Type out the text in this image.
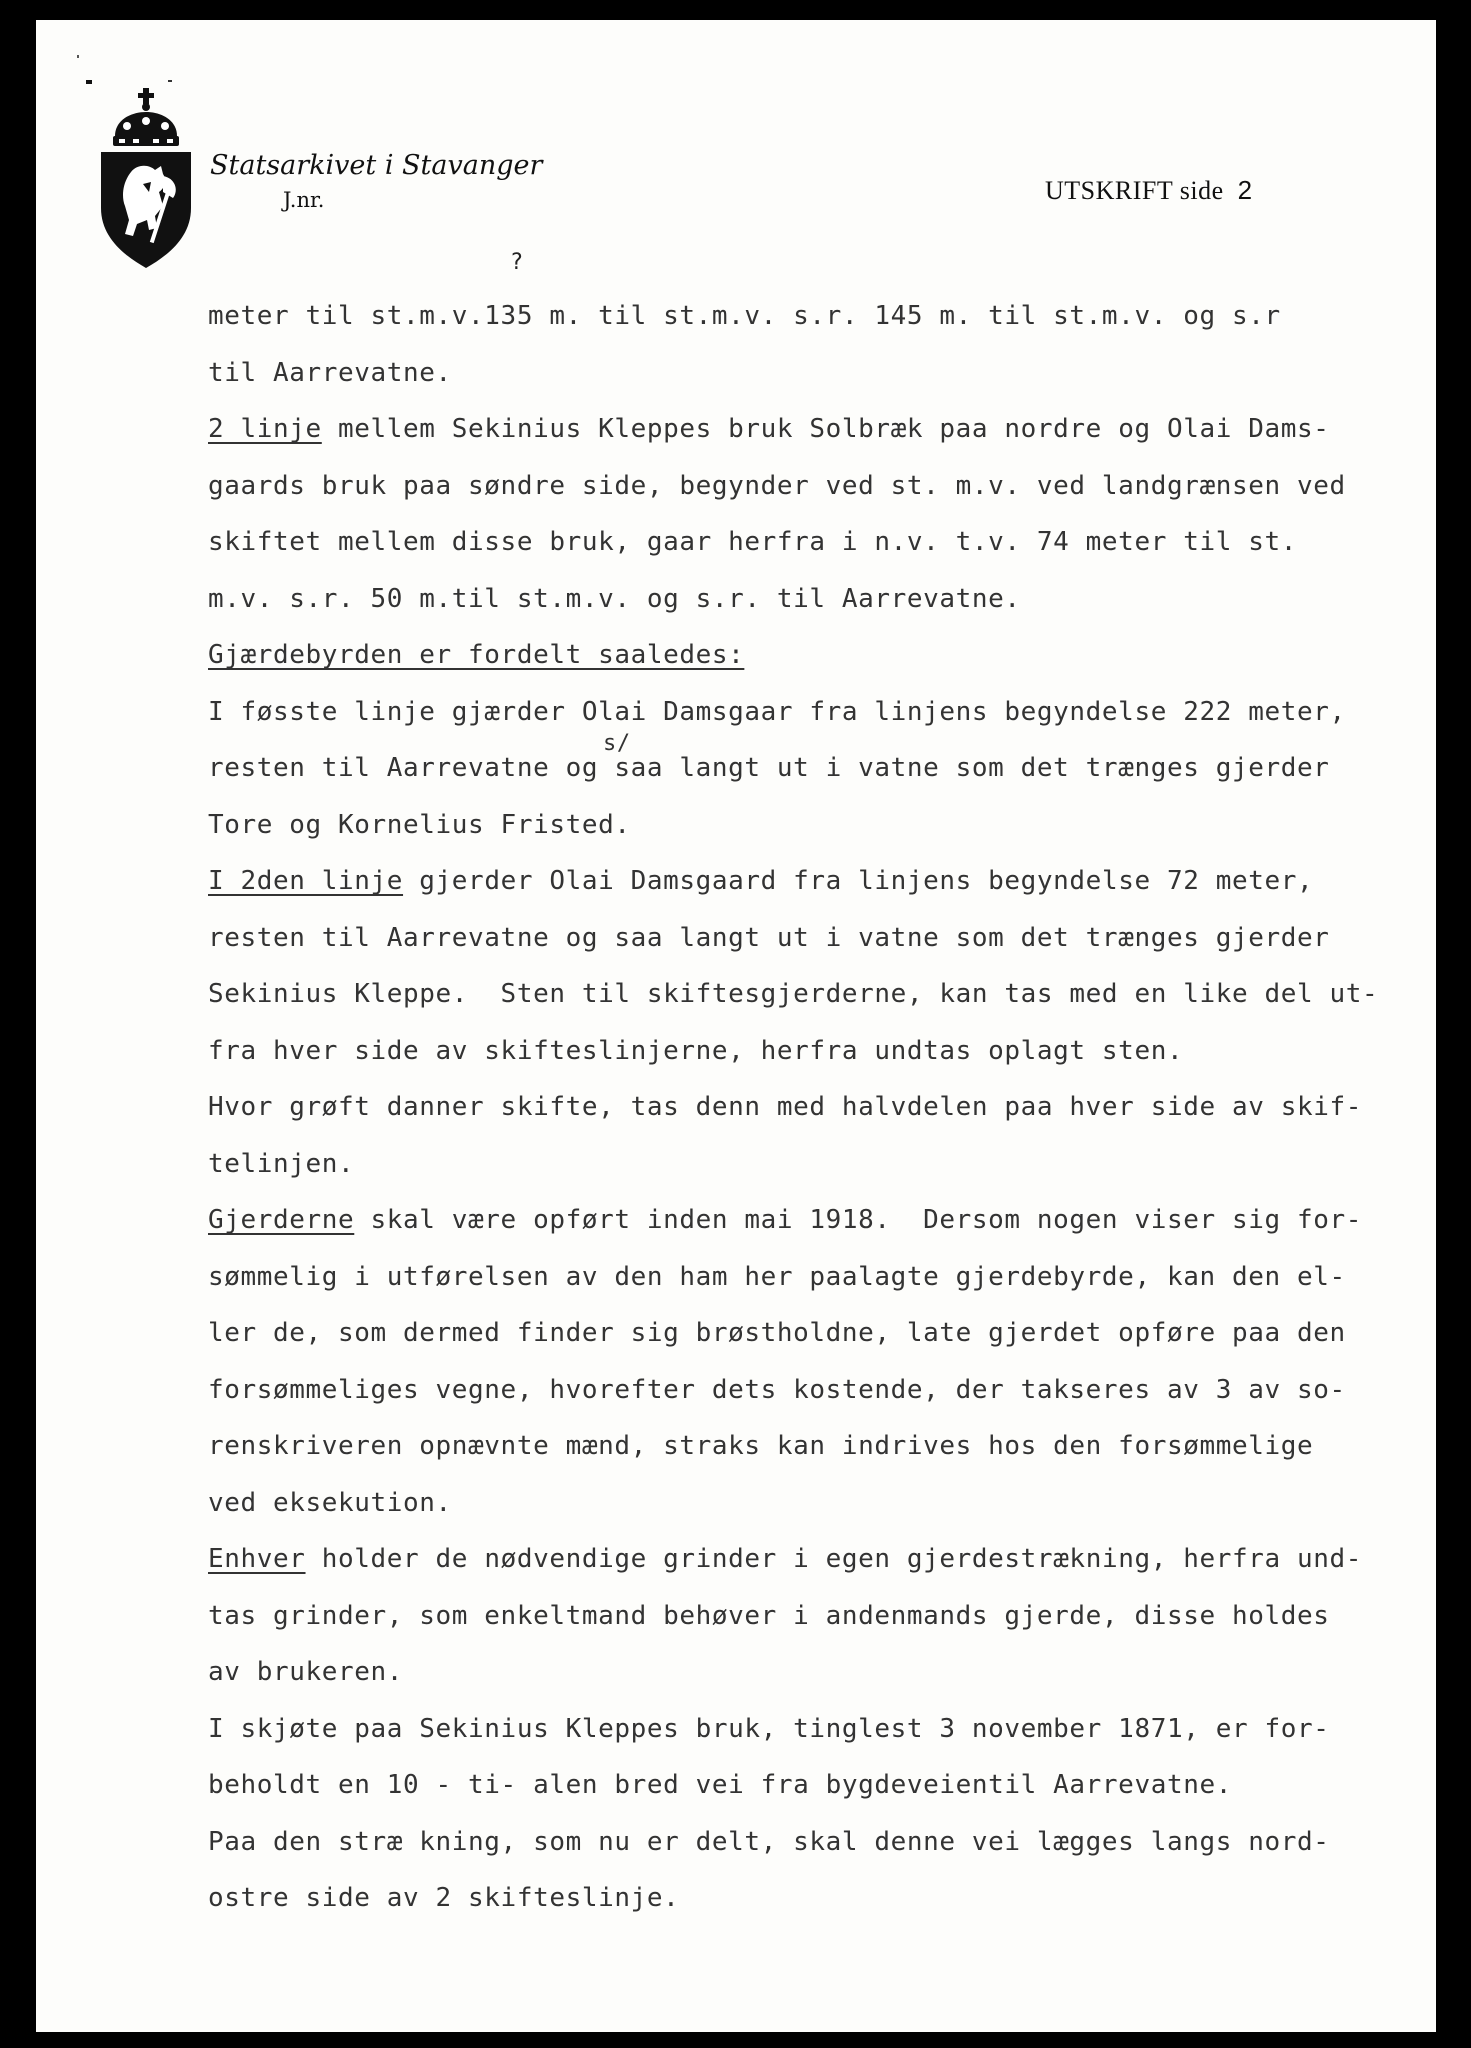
Statsarkivet i Stavanger
J.nr.	UTSKRIFT side 2
?
meter til st.m.v.135 m. til st.m.v. s.r. 145 m. til st.m.v. og s.r
til Aarrevatne.
2 linje mellem Sekinius Kleppes bruk Solbræk paa nordre og Olai Dams-
gaards bruk paa søndre side, begynder ved st. m.v. ved landgrænsen ved
skiftet mellem disse bruk, gaar herfra i n.v. t.v. 74 meter til st.
m.v. s.r. 50 m.til st.m.v. og s.r. til Aarrevatne.
Gjærdebyrden er fordelt saaledes:
I føsste linje gjærder Olai Damsgaar fra linjens begyndelse 222 meter,
resten til Aarrevatne og saa langt ut i vatne som det trænges gjerder
s/
Tore og Kornelius Fristed.
I 2den linje gjerder Olai Damsgaard fra linjens begyndelse 72 meter,
resten til Aarrevatne og saa langt ut i vatne som det trænges gjerder
Sekinius Kleppe.  Sten til skiftesgjerderne, kan tas med en like del ut-
fra hver side av skifteslinjerne, herfra undtas oplagt sten.
Hvor grøft danner skifte, tas denn med halvdelen paa hver side av skif-
telinjen.
Gjerderne skal være opført inden mai 1918.  Dersom nogen viser sig for-
sømmelig i utførelsen av den ham her paalagte gjerdebyrde, kan den el-
ler de, som dermed finder sig brøstholdne, late gjerdet opføre paa den
forsømmeliges vegne, hvorefter dets kostende, der takseres av 3 av so-
renskriveren opnævnte mænd, straks kan indrives hos den forsømmelige
ved eksekution.
Enhver holder de nødvendige grinder i egen gjerdestrækning, herfra und-
tas grinder, som enkeltmand behøver i andenmands gjerde, disse holdes
av brukeren.
I skjøte paa Sekinius Kleppes bruk, tinglest 3 november 1871, er for-
beholdt en 10 - ti- alen bred vei fra bygdeveientil Aarrevatne.
Paa den stræ kning, som nu er delt, skal denne vei lægges langs nord-
ostre side av 2 skifteslinje.
